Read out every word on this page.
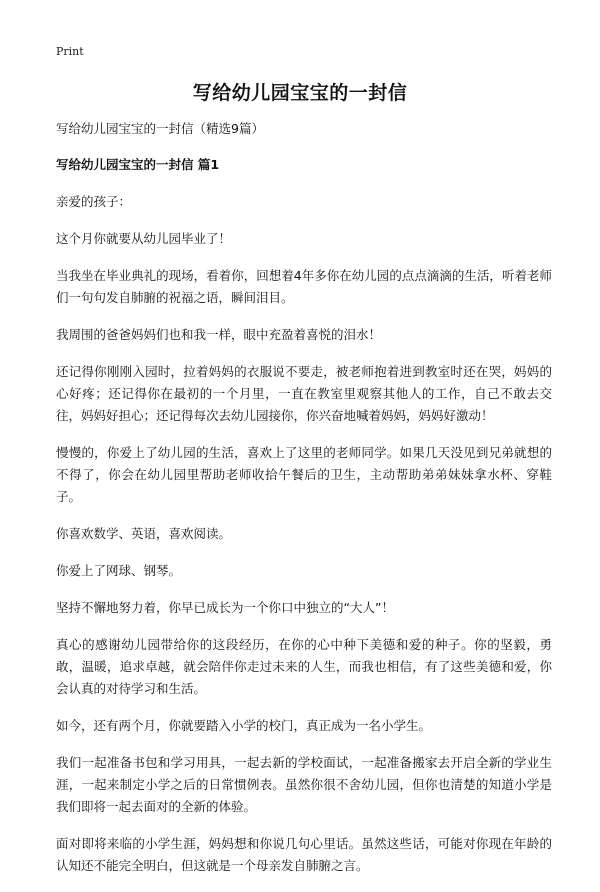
Print
写给幼儿园宝宝的一封信

写给幼儿园宝宝的一封信（精选9篇）

写给幼儿园宝宝的一封信 篇1

亲爱的孩子：

这个月你就要从幼儿园毕业了！

当我坐在毕业典礼的现场，看着你，回想着4年多你在幼儿园的点点滴滴的生活，听着老师们一句句发自肺腑的祝福之语，瞬间泪目。

我周围的爸爸妈妈们也和我一样，眼中充盈着喜悦的泪水！

还记得你刚刚入园时，拉着妈妈的衣服说不要走，被老师抱着进到教室时还在哭，妈妈的心好疼；还记得你在最初的一个月里，一直在教室里观察其他人的工作，自己不敢去交往，妈妈好担心；还记得每次去幼儿园接你，你兴奋地喊着妈妈，妈妈好激动！

慢慢的，你爱上了幼儿园的生活，喜欢上了这里的老师同学。如果几天没见到兄弟就想的不得了，你会在幼儿园里帮助老师收拾午餐后的卫生，主动帮助弟弟妹妹拿水杯、穿鞋子。

你喜欢数学、英语，喜欢阅读。

你爱上了网球、钢琴。

坚持不懈地努力着，你早已成长为一个你口中独立的“大人”！

真心的感谢幼儿园带给你的这段经历，在你的心中种下美德和爱的种子。你的坚毅，勇敢，温暖，追求卓越，就会陪伴你走过未来的人生，而我也相信，有了这些美德和爱，你会认真的对待学习和生活。

如今，还有两个月，你就要踏入小学的校门，真正成为一名小学生。

我们一起准备书包和学习用具，一起去新的学校面试，一起准备搬家去开启全新的学业生涯，一起来制定小学之后的日常惯例表。虽然你很不舍幼儿园，但你也清楚的知道小学是我们即将一起去面对的全新的体验。

面对即将来临的小学生涯，妈妈想和你说几句心里话。虽然这些话，可能对你现在年龄的认知还不能完全明白，但这就是一个母亲发自肺腑之言。
